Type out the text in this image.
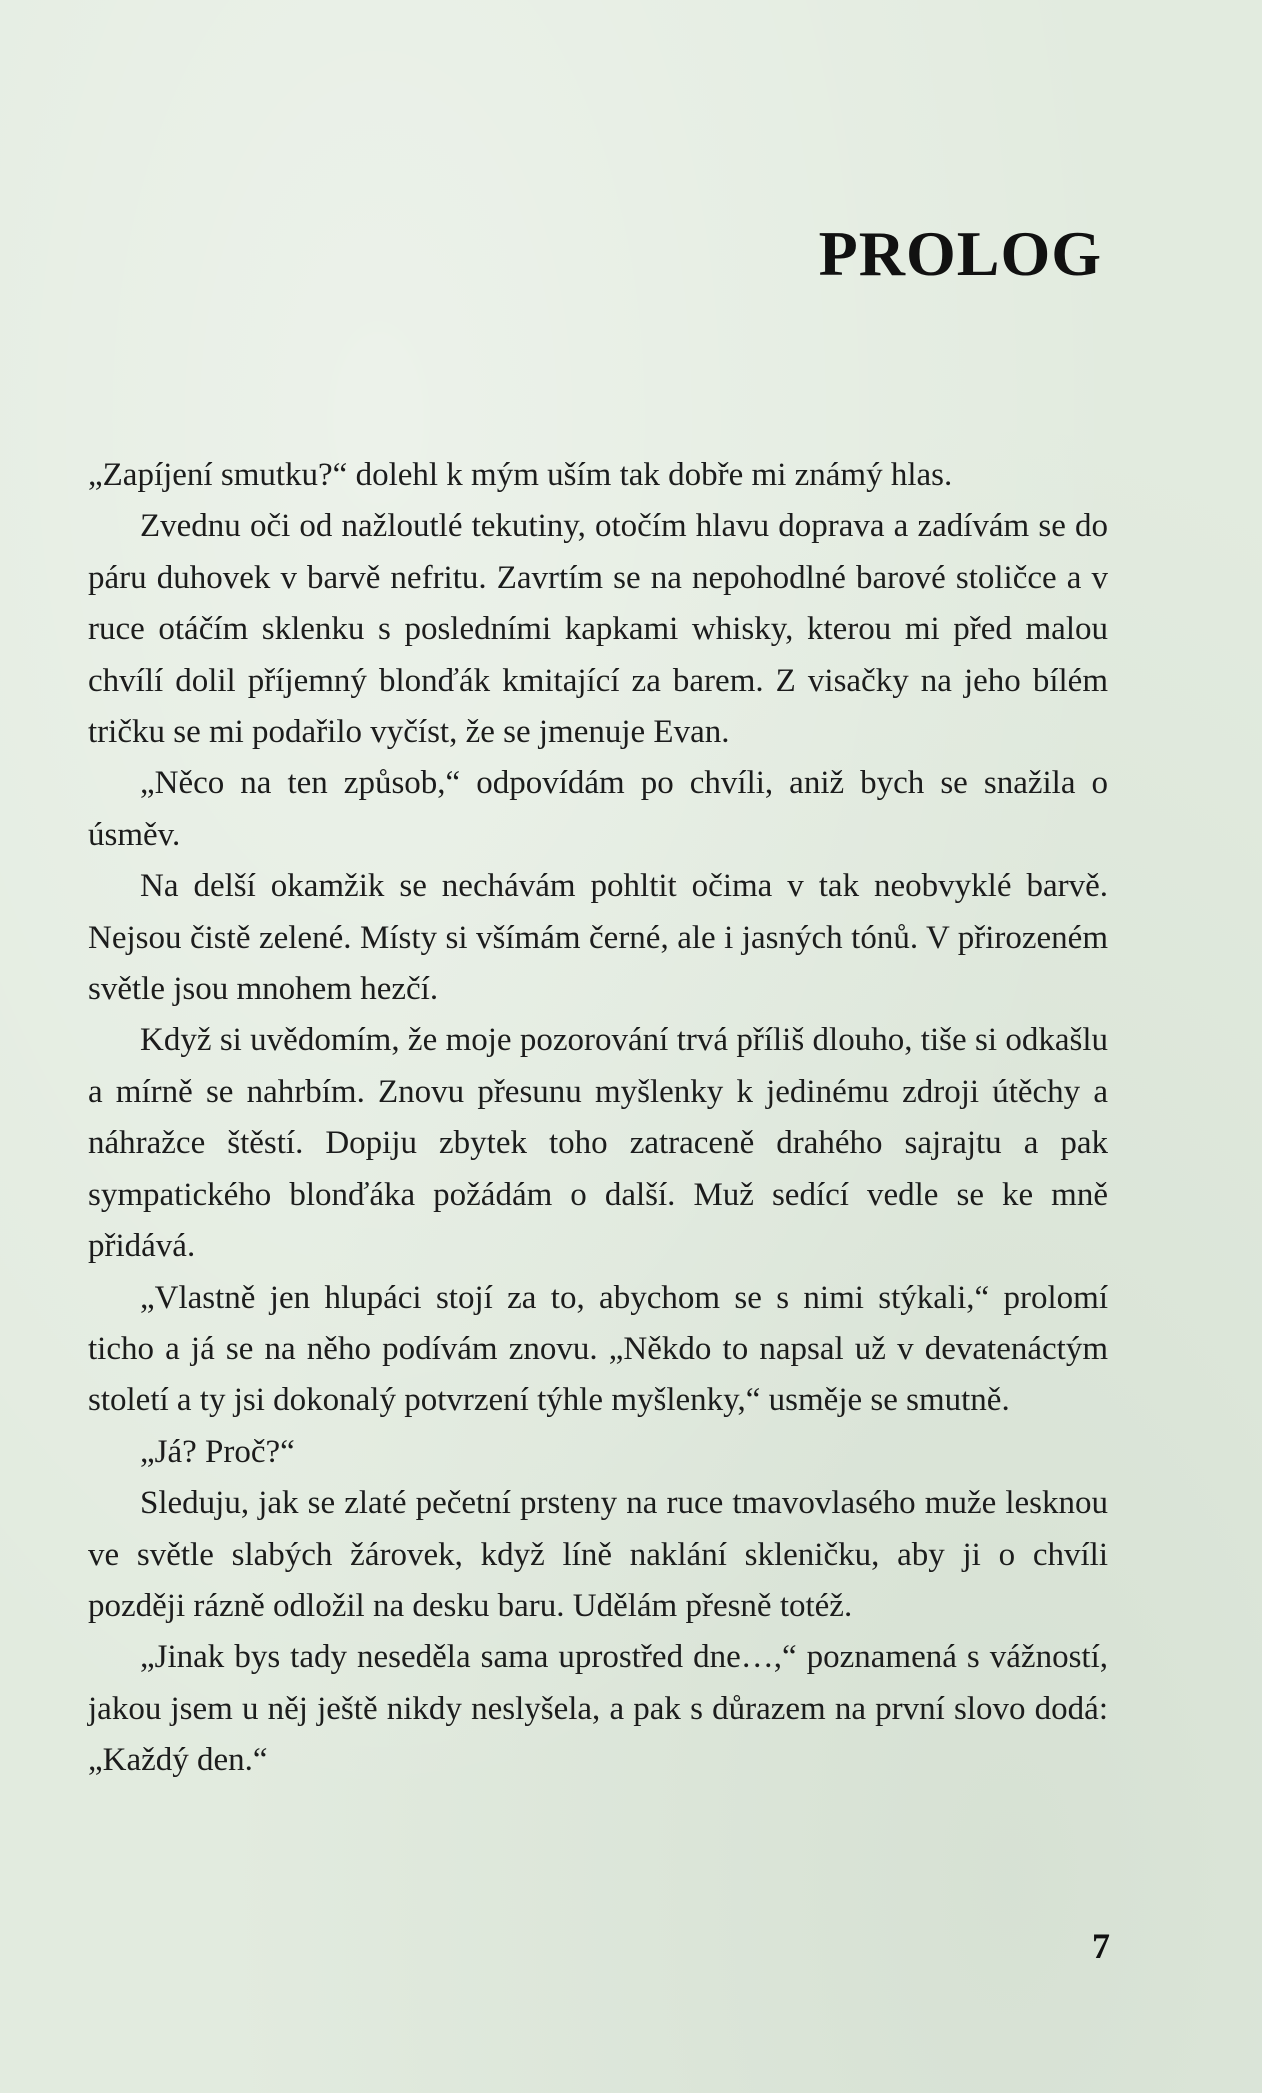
PROLOG

„Zapíjení smutku?“ dolehl k mým uším tak dobře mi známý hlas.

Zvednu oči od nažloutlé tekutiny, otočím hlavu doprava a zadívám se do páru duhovek v barvě nefritu. Zavrtím se na nepohodlné barové stoličce a v ruce otáčím sklenku s posledními kapkami whisky, kterou mi před malou chvílí dolil příjemný blonďák kmitající za barem. Z visačky na jeho bílém tričku se mi podařilo vyčíst, že se jmenuje Evan.

„Něco na ten způsob,“ odpovídám po chvíli, aniž bych se snažila o úsměv.

Na delší okamžik se nechávám pohltit očima v tak neobvyklé barvě. Nejsou čistě zelené. Místy si všímám černé, ale i jasných tónů. V přirozeném světle jsou mnohem hezčí.

Když si uvědomím, že moje pozorování trvá příliš dlouho, tiše si odkašlu a mírně se nahrbím. Znovu přesunu myšlenky k jedinému zdroji útěchy a náhražce štěstí. Dopiju zbytek toho zatraceně drahého sajrajtu a pak sympatického blonďáka požádám o další. Muž sedící vedle se ke mně přidává.

„Vlastně jen hlupáci stojí za to, abychom se s nimi stýkali,“ prolomí ticho a já se na něho podívám znovu. „Někdo to napsal už v devatenáctým století a ty jsi dokonalý potvrzení týhle myšlenky,“ usměje se smutně.

„Já? Proč?“

Sleduju, jak se zlaté pečetní prsteny na ruce tmavovlasého muže lesknou ve světle slabých žárovek, když líně naklání skleničku, aby ji o chvíli později rázně odložil na desku baru. Udělám přesně totéž.

„Jinak bys tady neseděla sama uprostřed dne…,“ poznamená s vážností, jakou jsem u něj ještě nikdy neslyšela, a pak s důrazem na první slovo dodá: „Každý den.“

7
